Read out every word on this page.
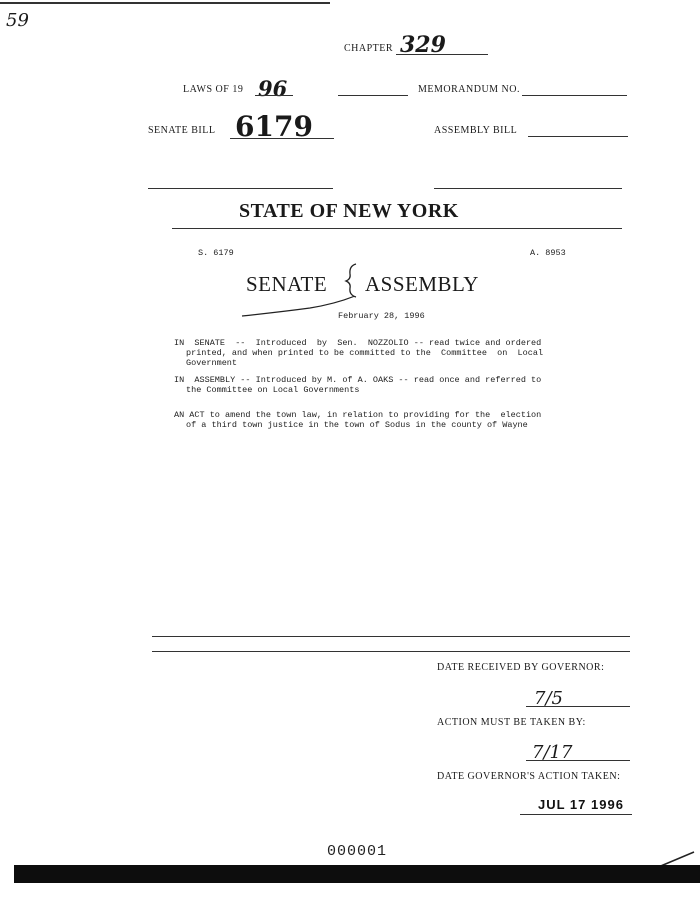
59
CHAPTER 329
LAWS OF 19 96	MEMORANDUM NO.
SENATE BILL 6179	ASSEMBLY BILL
STATE OF NEW YORK
S. 6179	A. 8953
SENATE ASSEMBLY
February 28, 1996
IN  SENATE  --  Introduced  by  Sen.  NOZZOLIO -- read twice and ordered
printed, and when printed to be committed to the  Committee  on  Local
Government
IN  ASSEMBLY -- Introduced by M. of A. OAKS -- read once and referred to
the Committee on Local Governments
AN ACT to amend the town law, in relation to providing for the  election
of a third town justice in the town of Sodus in the county of Wayne
DATE RECEIVED BY GOVERNOR:
7/5
ACTION MUST BE TAKEN BY:
7/17
DATE GOVERNOR'S ACTION TAKEN:
JUL 17 1996
000001
